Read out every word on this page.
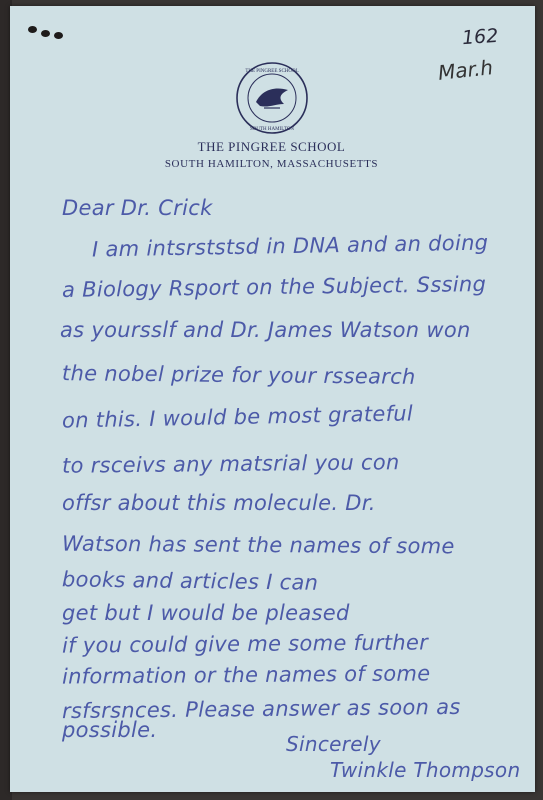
162
Mar.h
THE PINGREE SCHOOL
SOUTH HAMILTON
THE PINGREE SCHOOL
SOUTH HAMILTON, MASSACHUSETTS
Dear Dr. Crick
I am intsrststsd in DNA and an doing
a Biology Rsport on the Subject. Sssing
as yoursslf and Dr. James Watson won
the nobel prize for your rssearch
on this. I would be most grateful
to rsceivs any matsrial you con
offsr about this molecule. Dr.
Watson has sent the names of some
books and articles I can
get but I would be pleased
if you could give me some further
information or the names of some
rsfsrsnces. Please answer as soon as
possible.
Sincerely
Twinkle Thompson
